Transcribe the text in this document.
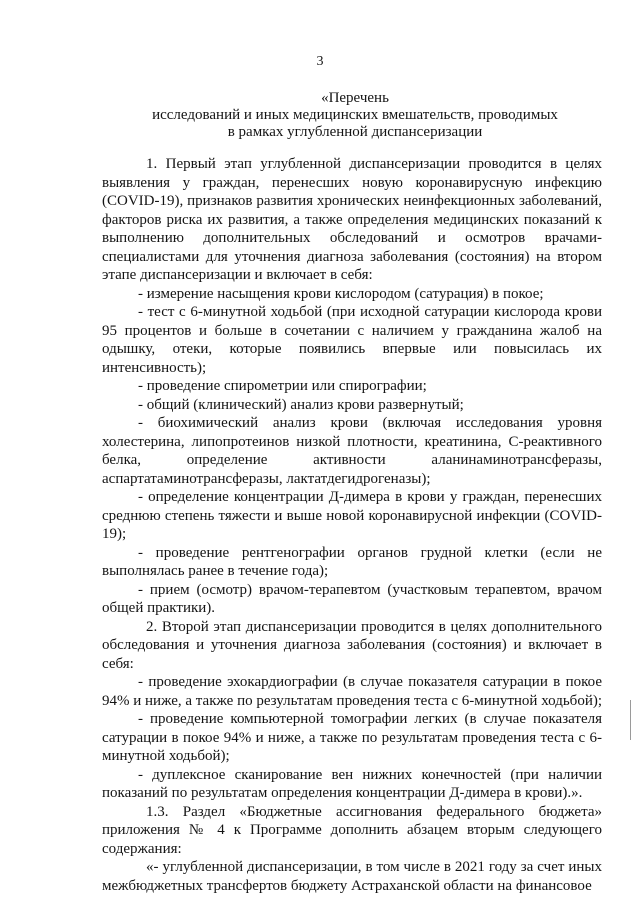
3
«Перечень
исследований и иных медицинских вмешательств, проводимых
в рамках углубленной диспансеризации

1. Первый этап углубленной диспансеризации проводится в целях выявления у граждан, перенесших новую коронавирусную инфекцию (COVID-19), признаков развития хронических неинфекционных заболеваний, факторов риска их развития, а также определения медицинских показаний к выполнению дополнительных обследований и осмотров врачами-специалистами для уточнения диагноза заболевания (состояния) на втором этапе диспансеризации и включает в себя:

- измерение насыщения крови кислородом (сатурация) в покое;

- тест с 6-минутной ходьбой (при исходной сатурации кислорода крови 95 процентов и больше в сочетании с наличием у гражданина жалоб на одышку, отеки, которые появились впервые или повысилась их интенсивность);

- проведение спирометрии или спирографии;

- общий (клинический) анализ крови развернутый;

- биохимический анализ крови (включая исследования уровня холестерина, липопротеинов низкой плотности, креатинина, С-реактивного белка, определение активности аланинаминотрансферазы, аспартатаминотрансферазы, лактатдегидрогеназы);

- определение концентрации Д-димера в крови у граждан, перенесших среднюю степень тяжести и выше новой коронавирусной инфекции (COVID-19);

- проведение рентгенографии органов грудной клетки (если не выполнялась ранее в течение года);

- прием (осмотр) врачом-терапевтом (участковым терапевтом, врачом общей практики).

2. Второй этап диспансеризации проводится в целях дополнительного обследования и уточнения диагноза заболевания (состояния) и включает в себя:

- проведение эхокардиографии (в случае показателя сатурации в покое 94% и ниже, а также по результатам проведения теста с 6-минутной ходьбой);

- проведение компьютерной томографии легких (в случае показателя сатурации в покое 94% и ниже, а также по результатам проведения теста с 6-минутной ходьбой);

- дуплексное сканирование вен нижних конечностей (при наличии показаний по результатам определения концентрации Д-димера в крови).».

1.3. Раздел «Бюджетные ассигнования федерального бюджета» приложения № 4 к Программе дополнить абзацем вторым следующего содержания:

«- углубленной диспансеризации, в том числе в 2021 году за счет иных межбюджетных трансфертов бюджету Астраханской области на финансовое
